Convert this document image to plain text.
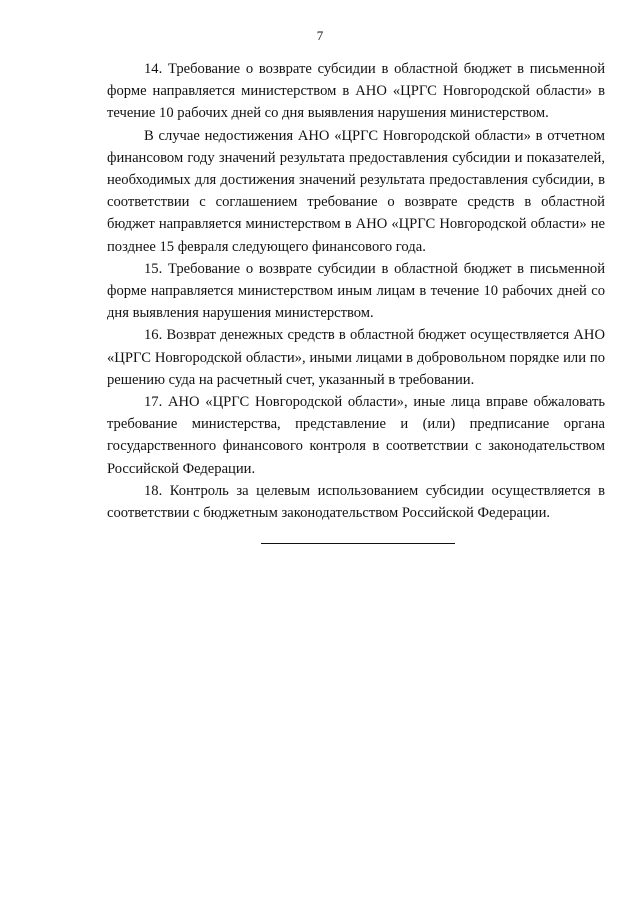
7

14. Требование о возврате субсидии в областной бюджет в письменной форме направляется министерством в АНО «ЦРГС Новгородской области» в течение 10 рабочих дней со дня выявления нарушения министерством.

В случае недостижения АНО «ЦРГС Новгородской области» в отчетном финансовом году значений результата предоставления субсидии и показателей, необходимых для достижения значений результата предоставления субсидии, в соответствии с соглашением требование о возврате средств в областной бюджет направляется министерством в АНО «ЦРГС Новгородской области» не позднее 15 февраля следующего финансового года.

15. Требование о возврате субсидии в областной бюджет в письменной форме направляется министерством иным лицам в течение 10 рабочих дней со дня выявления нарушения министерством.

16. Возврат денежных средств в областной бюджет осуществляется АНО «ЦРГС Новгородской области», иными лицами в добровольном порядке или по решению суда на расчетный счет, указанный в требовании.

17. АНО «ЦРГС Новгородской области», иные лица вправе обжаловать требование министерства, представление и (или) предписание органа государственного финансового контроля в соответствии с законодательством Российской Федерации.

18. Контроль за целевым использованием субсидии осуществляется в соответствии с бюджетным законодательством Российской Федерации.
